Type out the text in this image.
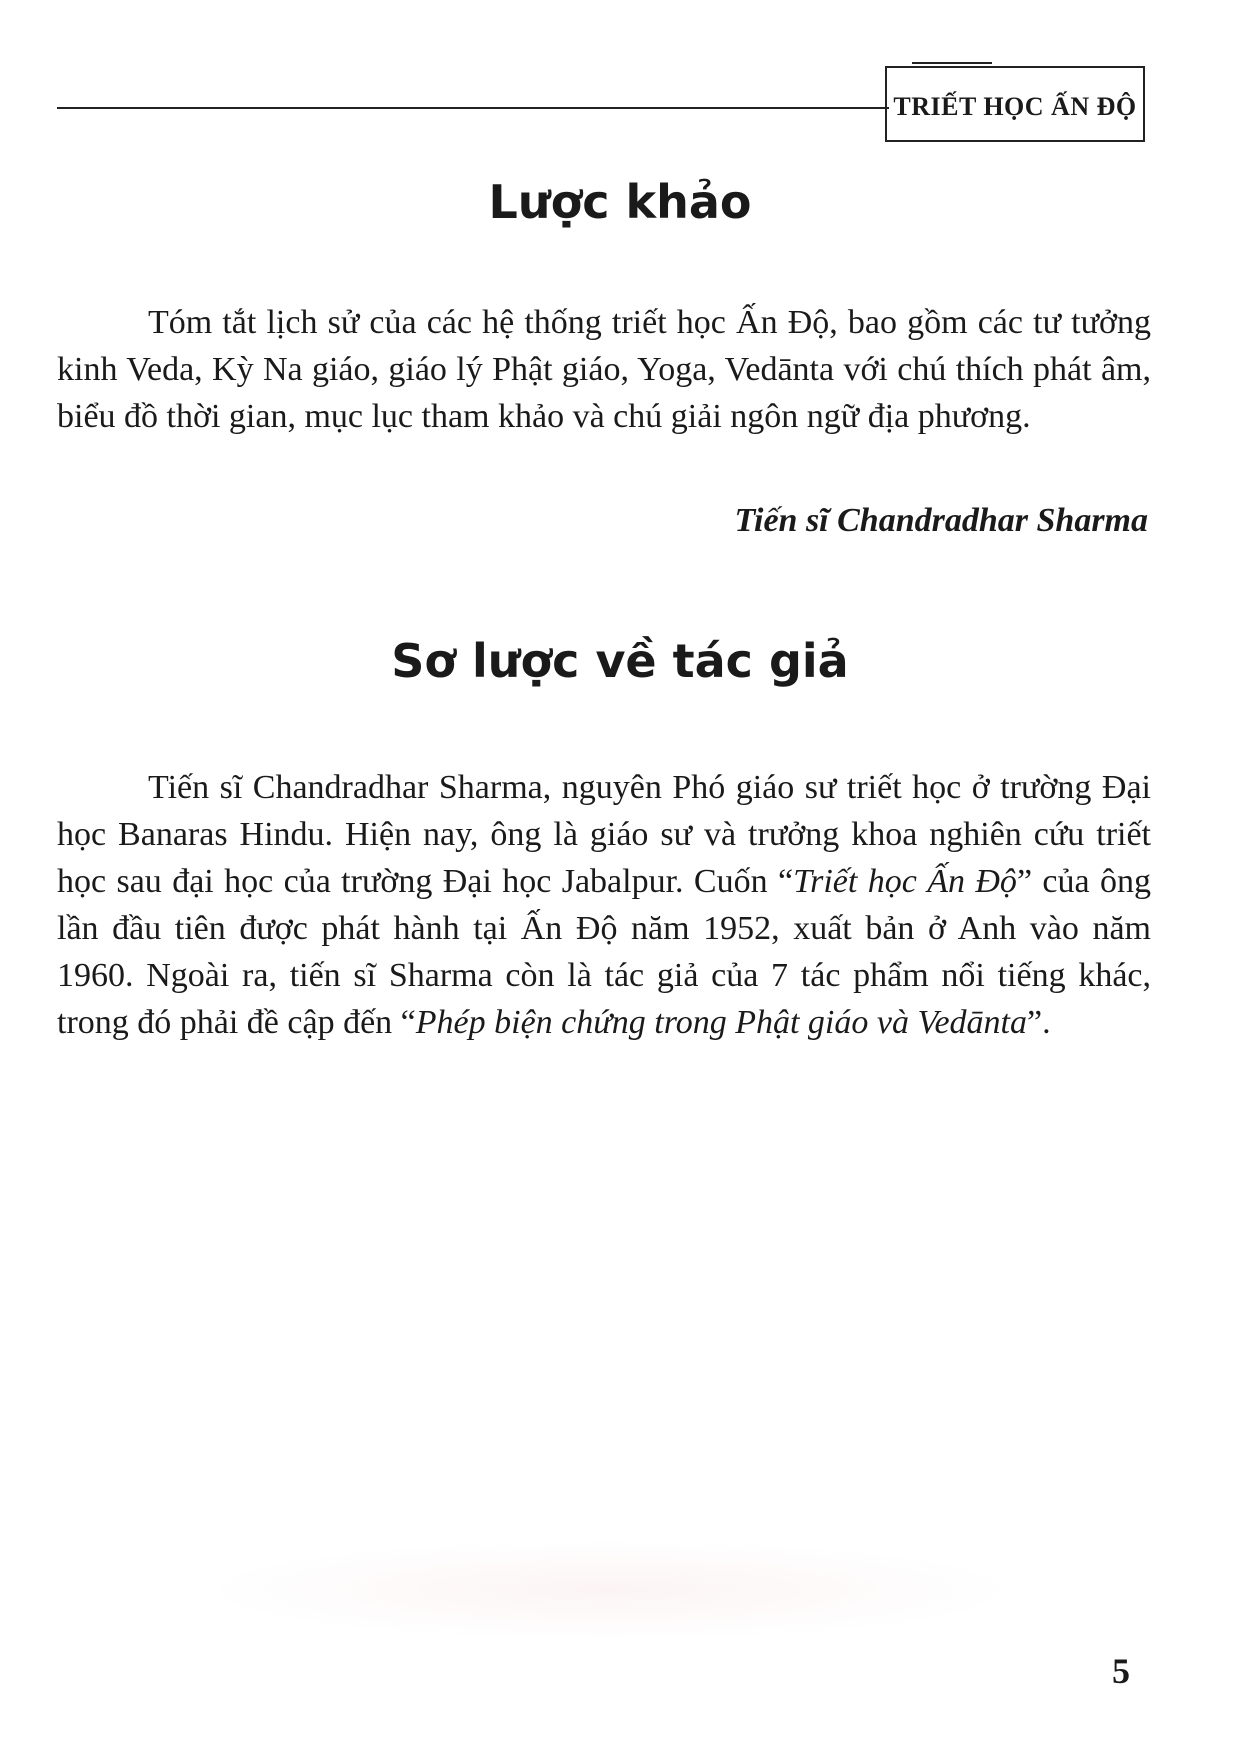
TRIẾT HỌC ẤN ĐỘ
Lược khảo

Tóm tắt lịch sử của các hệ thống triết học Ấn Độ, bao gồm các tư tưởng kinh Veda, Kỳ Na giáo, giáo lý Phật giáo, Yoga, Vedānta với chú thích phát âm, biểu đồ thời gian, mục lục tham khảo và chú giải ngôn ngữ địa phương.

Tiến sĩ Chandradhar Sharma
Sơ lược về tác giả

Tiến sĩ Chandradhar Sharma, nguyên Phó giáo sư triết học ở trường Đại học Banaras Hindu. Hiện nay, ông là giáo sư và trưởng khoa nghiên cứu triết học sau đại học của trường Đại học Jabalpur. Cuốn “Triết học Ấn Độ” của ông lần đầu tiên được phát hành tại Ấn Độ năm 1952, xuất bản ở Anh vào năm 1960. Ngoài ra, tiến sĩ Sharma còn là tác giả của 7 tác phẩm nổi tiếng khác, trong đó phải đề cập đến “Phép biện chứng trong Phật giáo và Vedānta”.

5
